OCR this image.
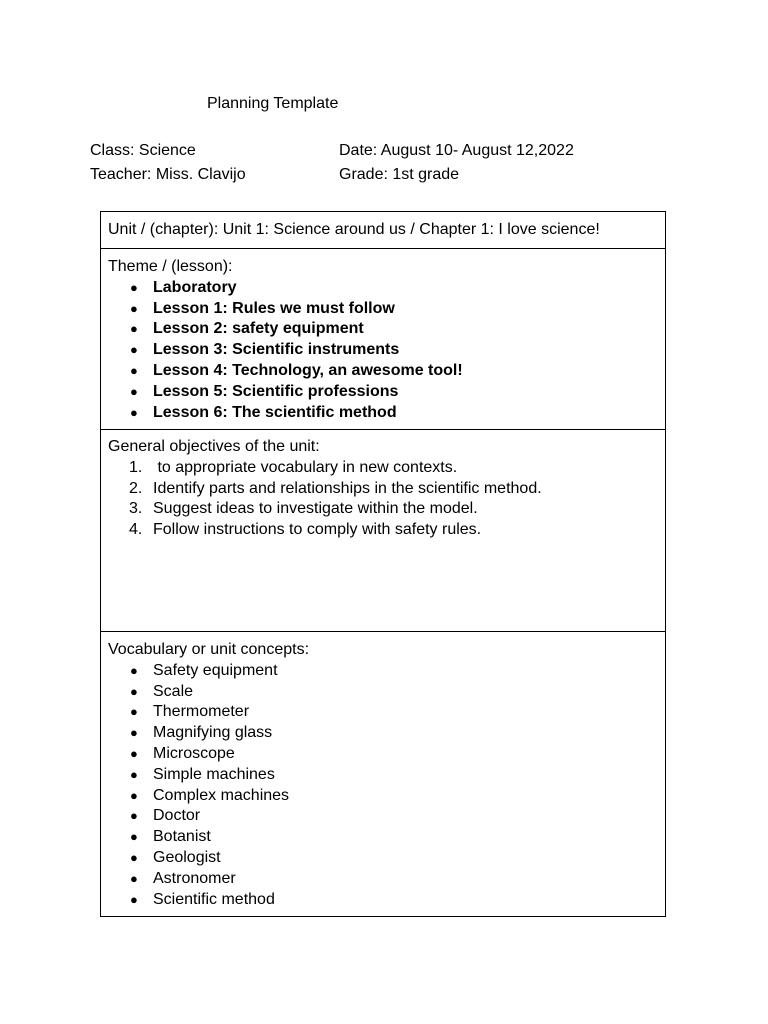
Planning Template
Class: Science
Teacher: Miss. Clavijo
Date: August 10- August 12,2022
Grade: 1st grade
Unit / (chapter): Unit 1: Science around us / Chapter 1: I love science!
Theme / (lesson):
● Laboratory
● Lesson 1: Rules we must follow
● Lesson 2: safety equipment
● Lesson 3: Scientific instruments
● Lesson 4: Technology, an awesome tool!
● Lesson 5: Scientific professions
● Lesson 6: The scientific method
General objectives of the unit:
1. to appropriate vocabulary in new contexts.
2. Identify parts and relationships in the scientific method.
3. Suggest ideas to investigate within the model.
4. Follow instructions to comply with safety rules.
Vocabulary or unit concepts:
● Safety equipment
● Scale
● Thermometer
● Magnifying glass
● Microscope
● Simple machines
● Complex machines
● Doctor
● Botanist
● Geologist
● Astronomer
● Scientific method
